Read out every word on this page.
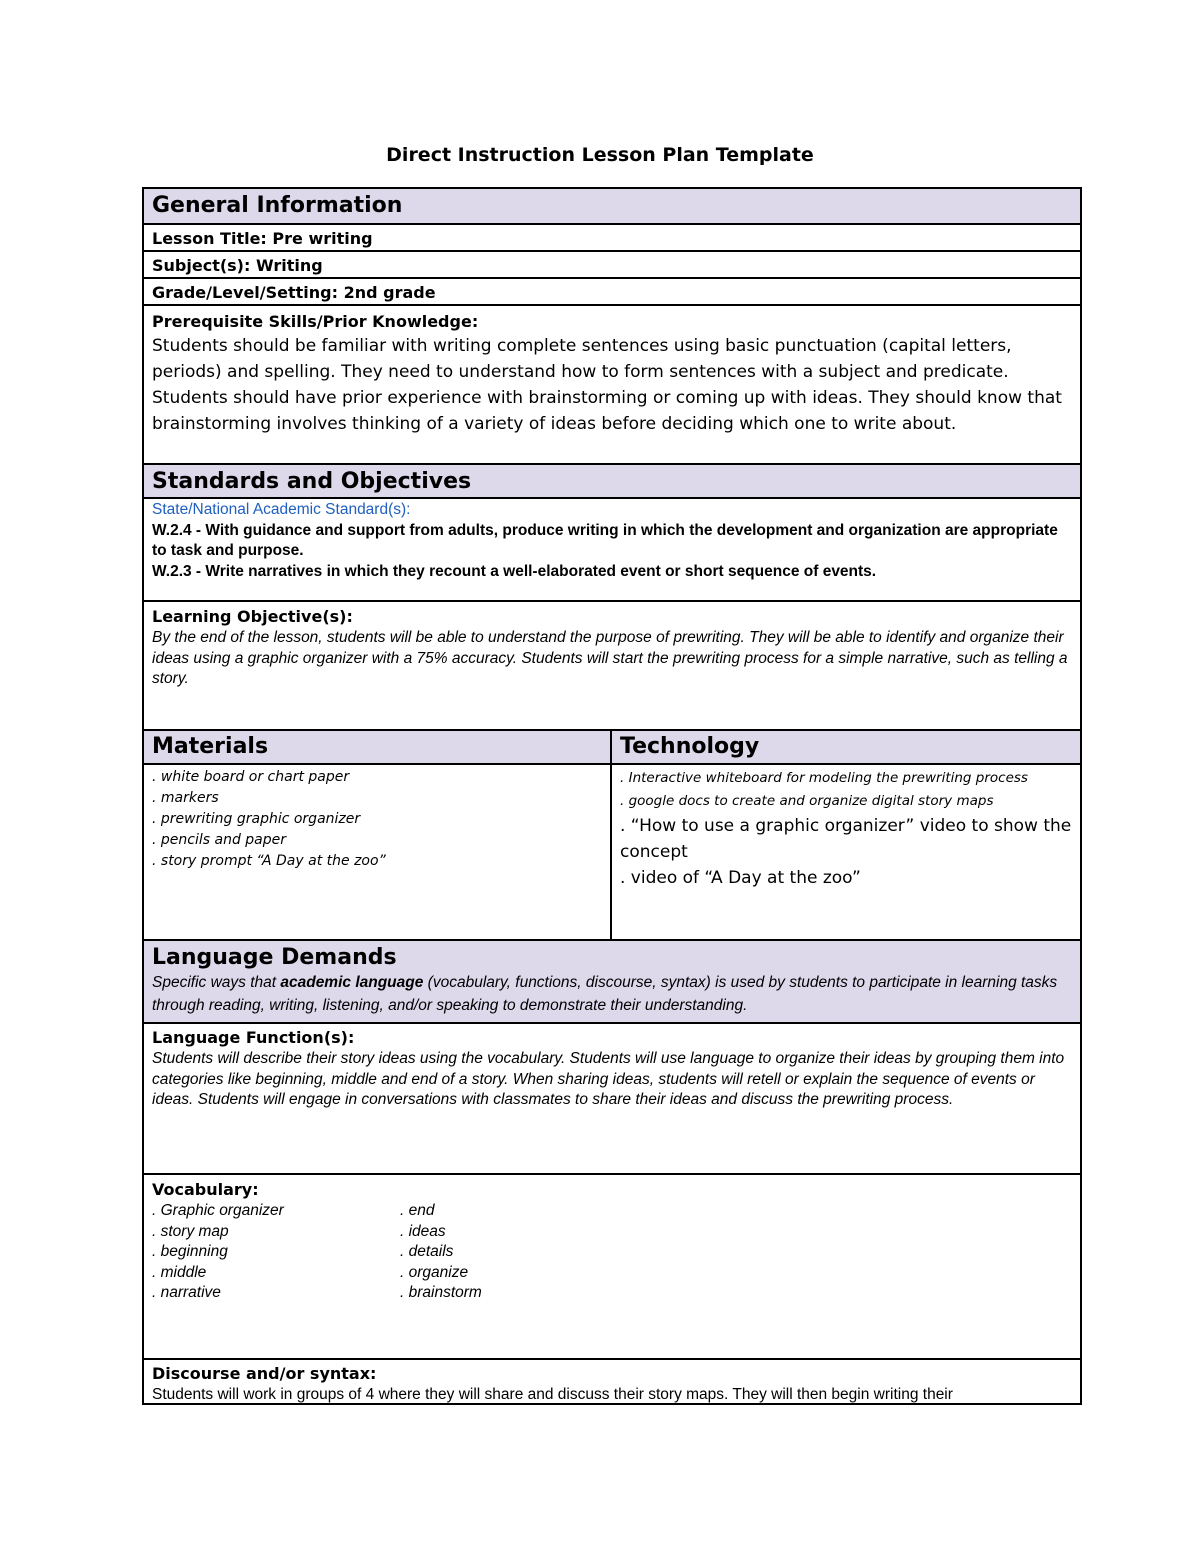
Direct Instruction Lesson Plan Template
General Information
Lesson Title: Pre writing
Subject(s): Writing
Grade/Level/Setting: 2nd grade
Prerequisite Skills/Prior Knowledge:
Students should be familiar with writing complete sentences using basic punctuation (capital letters, periods) and spelling. They need to understand how to form sentences with a subject and predicate. Students should have prior experience with brainstorming or coming up with ideas. They should know that brainstorming involves thinking of a variety of ideas before deciding which one to write about.
Standards and Objectives
State/National Academic Standard(s):
W.2.4 - With guidance and support from adults, produce writing in which the development and organization are appropriate to task and purpose.
W.2.3 - Write narratives in which they recount a well-elaborated event or short sequence of events.
Learning Objective(s):
By the end of the lesson, students will be able to understand the purpose of prewriting. They will be able to identify and organize their ideas using a graphic organizer with a 75% accuracy. Students will start the prewriting process for a simple narrative, such as telling a story.
Materials	Technology
. white board or chart paper
. markers
. prewriting graphic organizer
. pencils and paper
. story prompt “A Day at the zoo”
. Interactive whiteboard for modeling the prewriting process
. google docs to create and organize digital story maps
. “How to use a graphic organizer” video to show the concept
. video of “A Day at the zoo”
Language Demands
Specific ways that academic language (vocabulary, functions, discourse, syntax) is used by students to participate in learning tasks through reading, writing, listening, and/or speaking to demonstrate their understanding.
Language Function(s):
Students will describe their story ideas using the vocabulary. Students will use language to organize their ideas by grouping them into categories like beginning, middle and end of a story. When sharing ideas, students will retell or explain the sequence of events or ideas. Students will engage in conversations with classmates to share their ideas and discuss the prewriting process.
Vocabulary:
. Graphic organizer
. story map
. beginning
. middle
. narrative
. end
. ideas
. details
. organize
. brainstorm
Discourse and/or syntax:
Students will work in groups of 4 where they will share and discuss their story maps. They will then begin writing their
